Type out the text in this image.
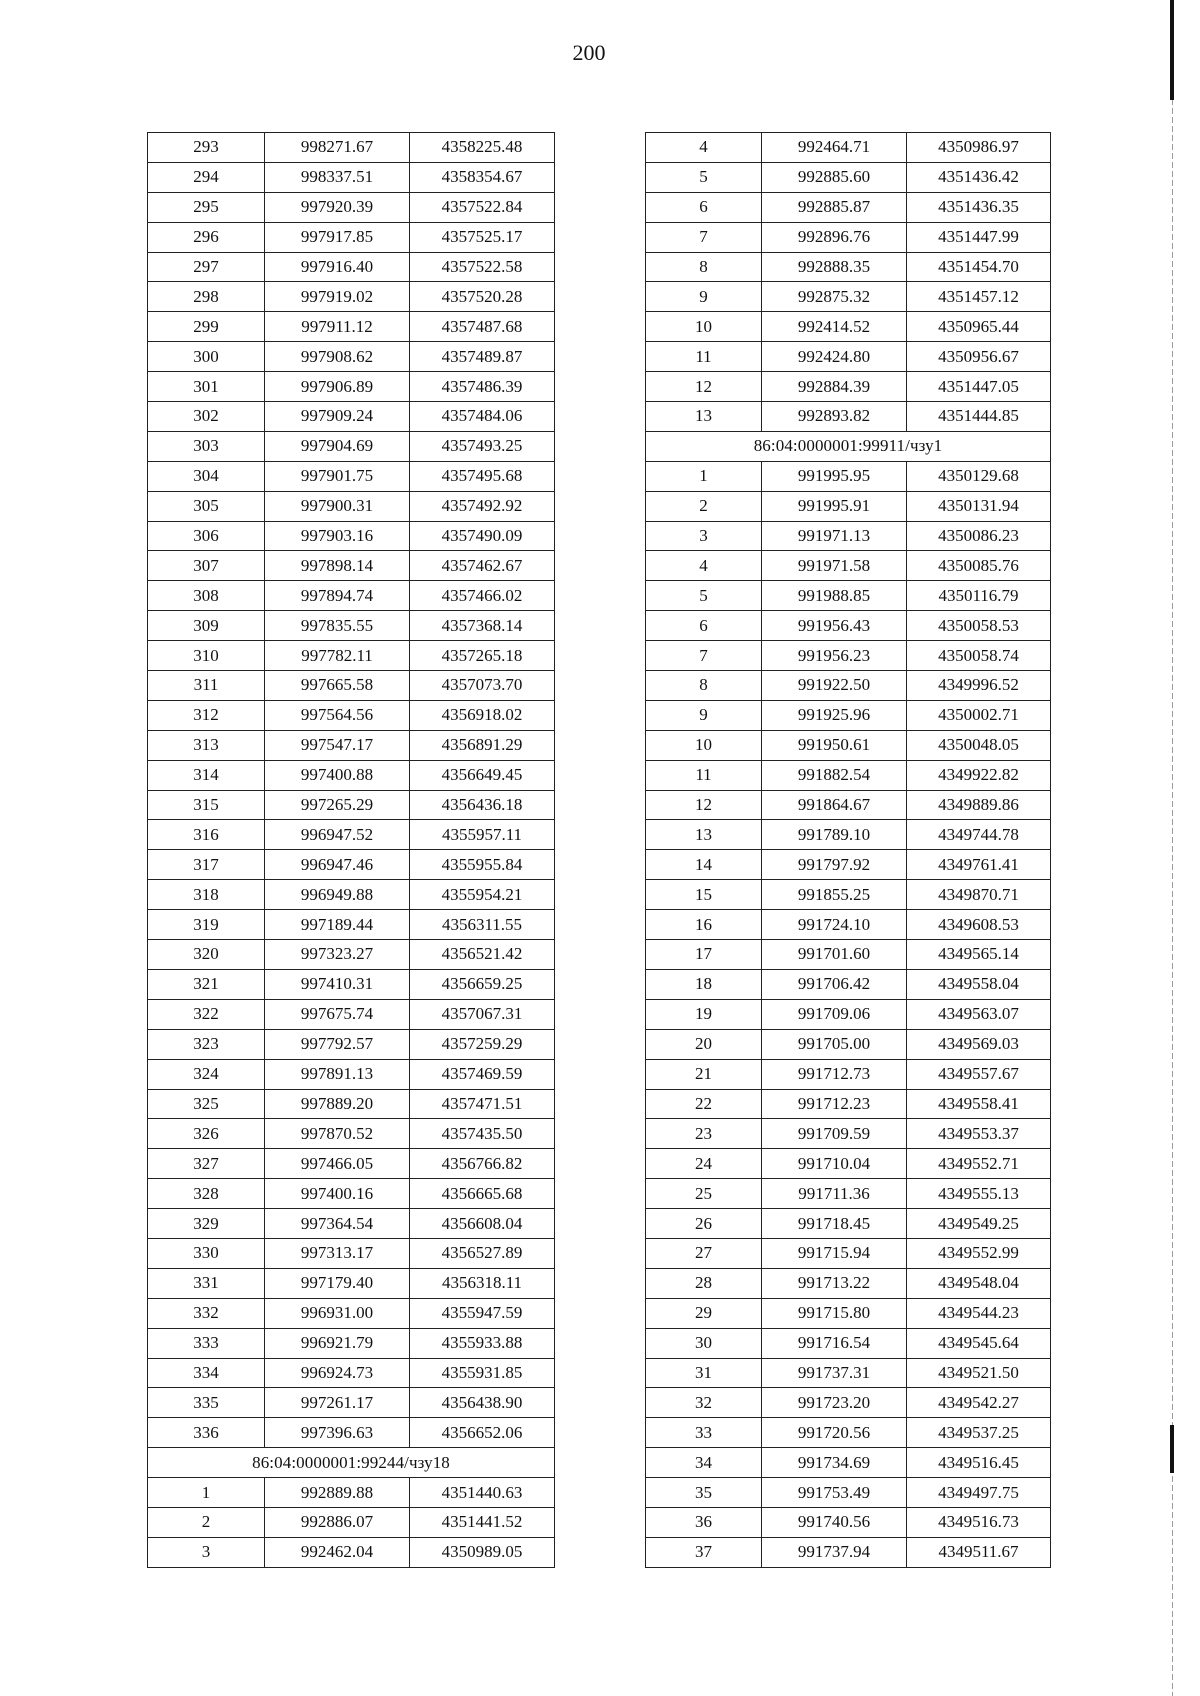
200
293	998271.67	4358225.48
294	998337.51	4358354.67
295	997920.39	4357522.84
296	997917.85	4357525.17
297	997916.40	4357522.58
298	997919.02	4357520.28
299	997911.12	4357487.68
300	997908.62	4357489.87
301	997906.89	4357486.39
302	997909.24	4357484.06
303	997904.69	4357493.25
304	997901.75	4357495.68
305	997900.31	4357492.92
306	997903.16	4357490.09
307	997898.14	4357462.67
308	997894.74	4357466.02
309	997835.55	4357368.14
310	997782.11	4357265.18
311	997665.58	4357073.70
312	997564.56	4356918.02
313	997547.17	4356891.29
314	997400.88	4356649.45
315	997265.29	4356436.18
316	996947.52	4355957.11
317	996947.46	4355955.84
318	996949.88	4355954.21
319	997189.44	4356311.55
320	997323.27	4356521.42
321	997410.31	4356659.25
322	997675.74	4357067.31
323	997792.57	4357259.29
324	997891.13	4357469.59
325	997889.20	4357471.51
326	997870.52	4357435.50
327	997466.05	4356766.82
328	997400.16	4356665.68
329	997364.54	4356608.04
330	997313.17	4356527.89
331	997179.40	4356318.11
332	996931.00	4355947.59
333	996921.79	4355933.88
334	996924.73	4355931.85
335	997261.17	4356438.90
336	997396.63	4356652.06
86:04:0000001:99244/чзу18		
1	992889.88	4351440.63
2	992886.07	4351441.52
3	992462.04	4350989.05
4	992464.71	4350986.97
5	992885.60	4351436.42
6	992885.87	4351436.35
7	992896.76	4351447.99
8	992888.35	4351454.70
9	992875.32	4351457.12
10	992414.52	4350965.44
11	992424.80	4350956.67
12	992884.39	4351447.05
13	992893.82	4351444.85
86:04:0000001:99911/чзу1		
1	991995.95	4350129.68
2	991995.91	4350131.94
3	991971.13	4350086.23
4	991971.58	4350085.76
5	991988.85	4350116.79
6	991956.43	4350058.53
7	991956.23	4350058.74
8	991922.50	4349996.52
9	991925.96	4350002.71
10	991950.61	4350048.05
11	991882.54	4349922.82
12	991864.67	4349889.86
13	991789.10	4349744.78
14	991797.92	4349761.41
15	991855.25	4349870.71
16	991724.10	4349608.53
17	991701.60	4349565.14
18	991706.42	4349558.04
19	991709.06	4349563.07
20	991705.00	4349569.03
21	991712.73	4349557.67
22	991712.23	4349558.41
23	991709.59	4349553.37
24	991710.04	4349552.71
25	991711.36	4349555.13
26	991718.45	4349549.25
27	991715.94	4349552.99
28	991713.22	4349548.04
29	991715.80	4349544.23
30	991716.54	4349545.64
31	991737.31	4349521.50
32	991723.20	4349542.27
33	991720.56	4349537.25
34	991734.69	4349516.45
35	991753.49	4349497.75
36	991740.56	4349516.73
37	991737.94	4349511.67
